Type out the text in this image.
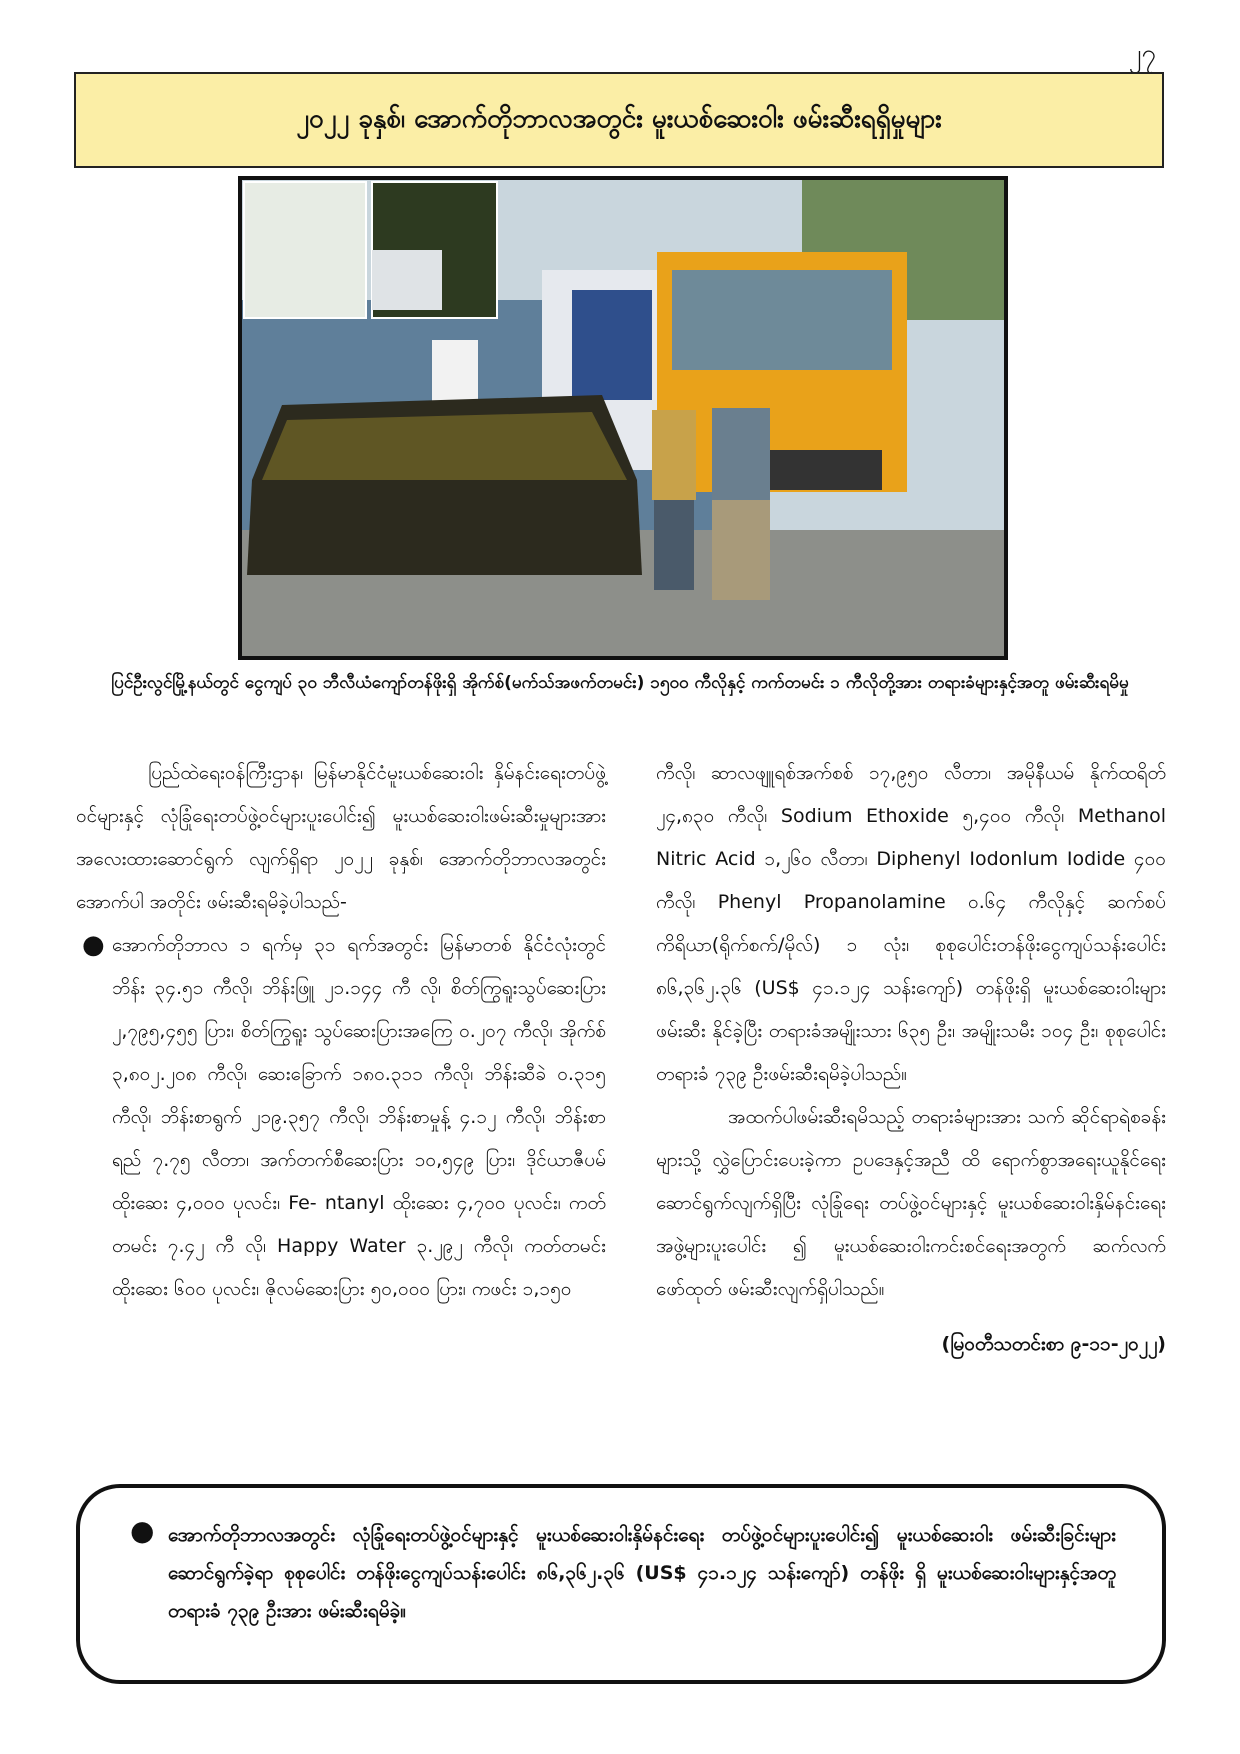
၂၇
၂၀၂၂ ခုနှစ်၊ အောက်တိုဘာလအတွင်း မူးယစ်ဆေးဝါး ဖမ်းဆီးရရှိမှုများ
ပြင်ဦးလွင်မြို့နယ်တွင် ငွေကျပ် ၃၀ ဘီလီယံကျော်တန်ဖိုးရှိ အိုက်စ်(မက်သ်အဖက်တမင်း) ၁၅၀၀ ကီလိုနှင့် ကက်တမင်း ၁ ကီလိုတို့အား တရားခံများနှင့်အတူ ဖမ်းဆီးရမိမှု

ပြည်ထဲရေးဝန်ကြီးဌာန၊ မြန်မာနိုင်ငံမူးယစ်ဆေးဝါး နှိမ်နင်းရေးတပ်ဖွဲ့ဝင်များနှင့် လုံခြုံရေးတပ်ဖွဲ့ဝင်များပူးပေါင်း၍ မူးယစ်ဆေးဝါးဖမ်းဆီးမှုများအား အလေးထားဆောင်ရွက် လျက်ရှိရာ ၂၀၂၂ ခုနှစ်၊ အောက်တိုဘာလအတွင်း အောက်ပါ အတိုင်း ဖမ်းဆီးရမိခဲ့ပါသည်-

● အောက်တိုဘာလ ၁ ရက်မှ ၃၁ ရက်အတွင်း မြန်မာတစ် နိုင်ငံလုံးတွင် ဘိန်း ၃၄.၅၁ ကီလို၊ ဘိန်းဖြူ ၂၁.၁၄၄ ကီ လို၊ စိတ်ကြွရူးသွပ်ဆေးပြား ၂,၇၉၅,၄၅၅ ပြား၊ စိတ်ကြွရူး သွပ်ဆေးပြားအကြေ ၀.၂၀၇ ကီလို၊ အိုက်စ် ၃,၈၀၂.၂၀၈ ကီလို၊ ဆေးခြောက် ၁၈၀.၃၁၁ ကီလို၊ ဘိန်းဆီခဲ ၀.၃၁၅ ကီလို၊ ဘိန်းစာရွက် ၂၁၉.၃၅၇ ကီလို၊ ဘိန်းစာမှုန့် ၄.၁၂ ကီလို၊ ဘိန်းစာရည် ၇.၇၅ လီတာ၊ အက်တက်စီဆေးပြား ၁၀,၅၄၉ ပြား၊ ဒိုင်ယာဇီပမ်ထိုးဆေး ၄,၀၀၀ ပုလင်း၊ Fe- ntanyl ထိုးဆေး ၄,၇၀၀ ပုလင်း၊ ကတ်တမင်း ၇.၄၂ ကီ လို၊ Happy Water ၃.၂၉၂ ကီလို၊ ကတ်တမင်းထိုးဆေး ၆၀၀ ပုလင်း၊ ဇိုလမ်ဆေးပြား ၅၀,၀၀၀ ပြား၊ ကဖင်း ၁,၁၅၀

ကီလို၊ ဆာလဖျူရစ်အက်စစ် ၁၇,၉၅၀ လီတာ၊ အမိုနီယမ် နိုက်ထရိတ် ၂၄,၈၃၀ ကီလို၊ Sodium Ethoxide ၅,၄၀၀ ကီလို၊ Methanol Nitric Acid ၁,၂၆၀ လီတာ၊ Diphenyl Iodonlum Iodide ၄၀၀ ကီလို၊ Phenyl Propanolamine ၀.၆၄ ကီလိုနှင့် ဆက်စပ်ကိရိယာ(ရိုက်စက်/မိုလ်) ၁ လုံး၊ စုစုပေါင်းတန်ဖိုးငွေကျပ်သန်းပေါင်း ၈၆,၃၆၂.၃၆ (US$ ၄၁.၁၂၄ သန်းကျော်) တန်ဖိုးရှိ မူးယစ်ဆေးဝါးများ ဖမ်းဆီး နိုင်ခဲ့ပြီး တရားခံအမျိုးသား ၆၃၅ ဦး၊ အမျိုးသမီး ၁၀၄ ဦး၊ စုစုပေါင်းတရားခံ ၇၃၉ ဦးဖမ်းဆီးရမိခဲ့ပါသည်။

အထက်ပါဖမ်းဆီးရမိသည့် တရားခံများအား သက် ဆိုင်ရာရဲစခန်းများသို့ လွှဲပြောင်းပေးခဲ့ကာ ဥပဒေနှင့်အညီ ထိ ရောက်စွာအရေးယူနိုင်ရေး ဆောင်ရွက်လျက်ရှိပြီး လုံခြုံရေး တပ်ဖွဲ့ဝင်များနှင့် မူးယစ်ဆေးဝါးနှိမ်နင်းရေးအဖွဲ့များပူးပေါင်း ၍ မူးယစ်ဆေးဝါးကင်းစင်ရေးအတွက် ဆက်လက်ဖော်ထုတ် ဖမ်းဆီးလျက်ရှိပါသည်။

(မြဝတီသတင်းစာ ၉-၁၁-၂၀၂၂)

● အောက်တိုဘာလအတွင်း လုံခြုံရေးတပ်ဖွဲ့ဝင်များနှင့် မူးယစ်ဆေးဝါးနှိမ်နင်းရေး တပ်ဖွဲ့ဝင်များပူးပေါင်း၍ မူးယစ်ဆေးဝါး ဖမ်းဆီးခြင်းများဆောင်ရွက်ခဲ့ရာ စုစုပေါင်း တန်ဖိုးငွေကျပ်သန်းပေါင်း ၈၆,၃၆၂.၃၆ (US$ ၄၁.၁၂၄ သန်းကျော်) တန်ဖိုး ရှိ မူးယစ်ဆေးဝါးများနှင့်အတူ တရားခံ ၇၃၉ ဦးအား ဖမ်းဆီးရမိခဲ့။
